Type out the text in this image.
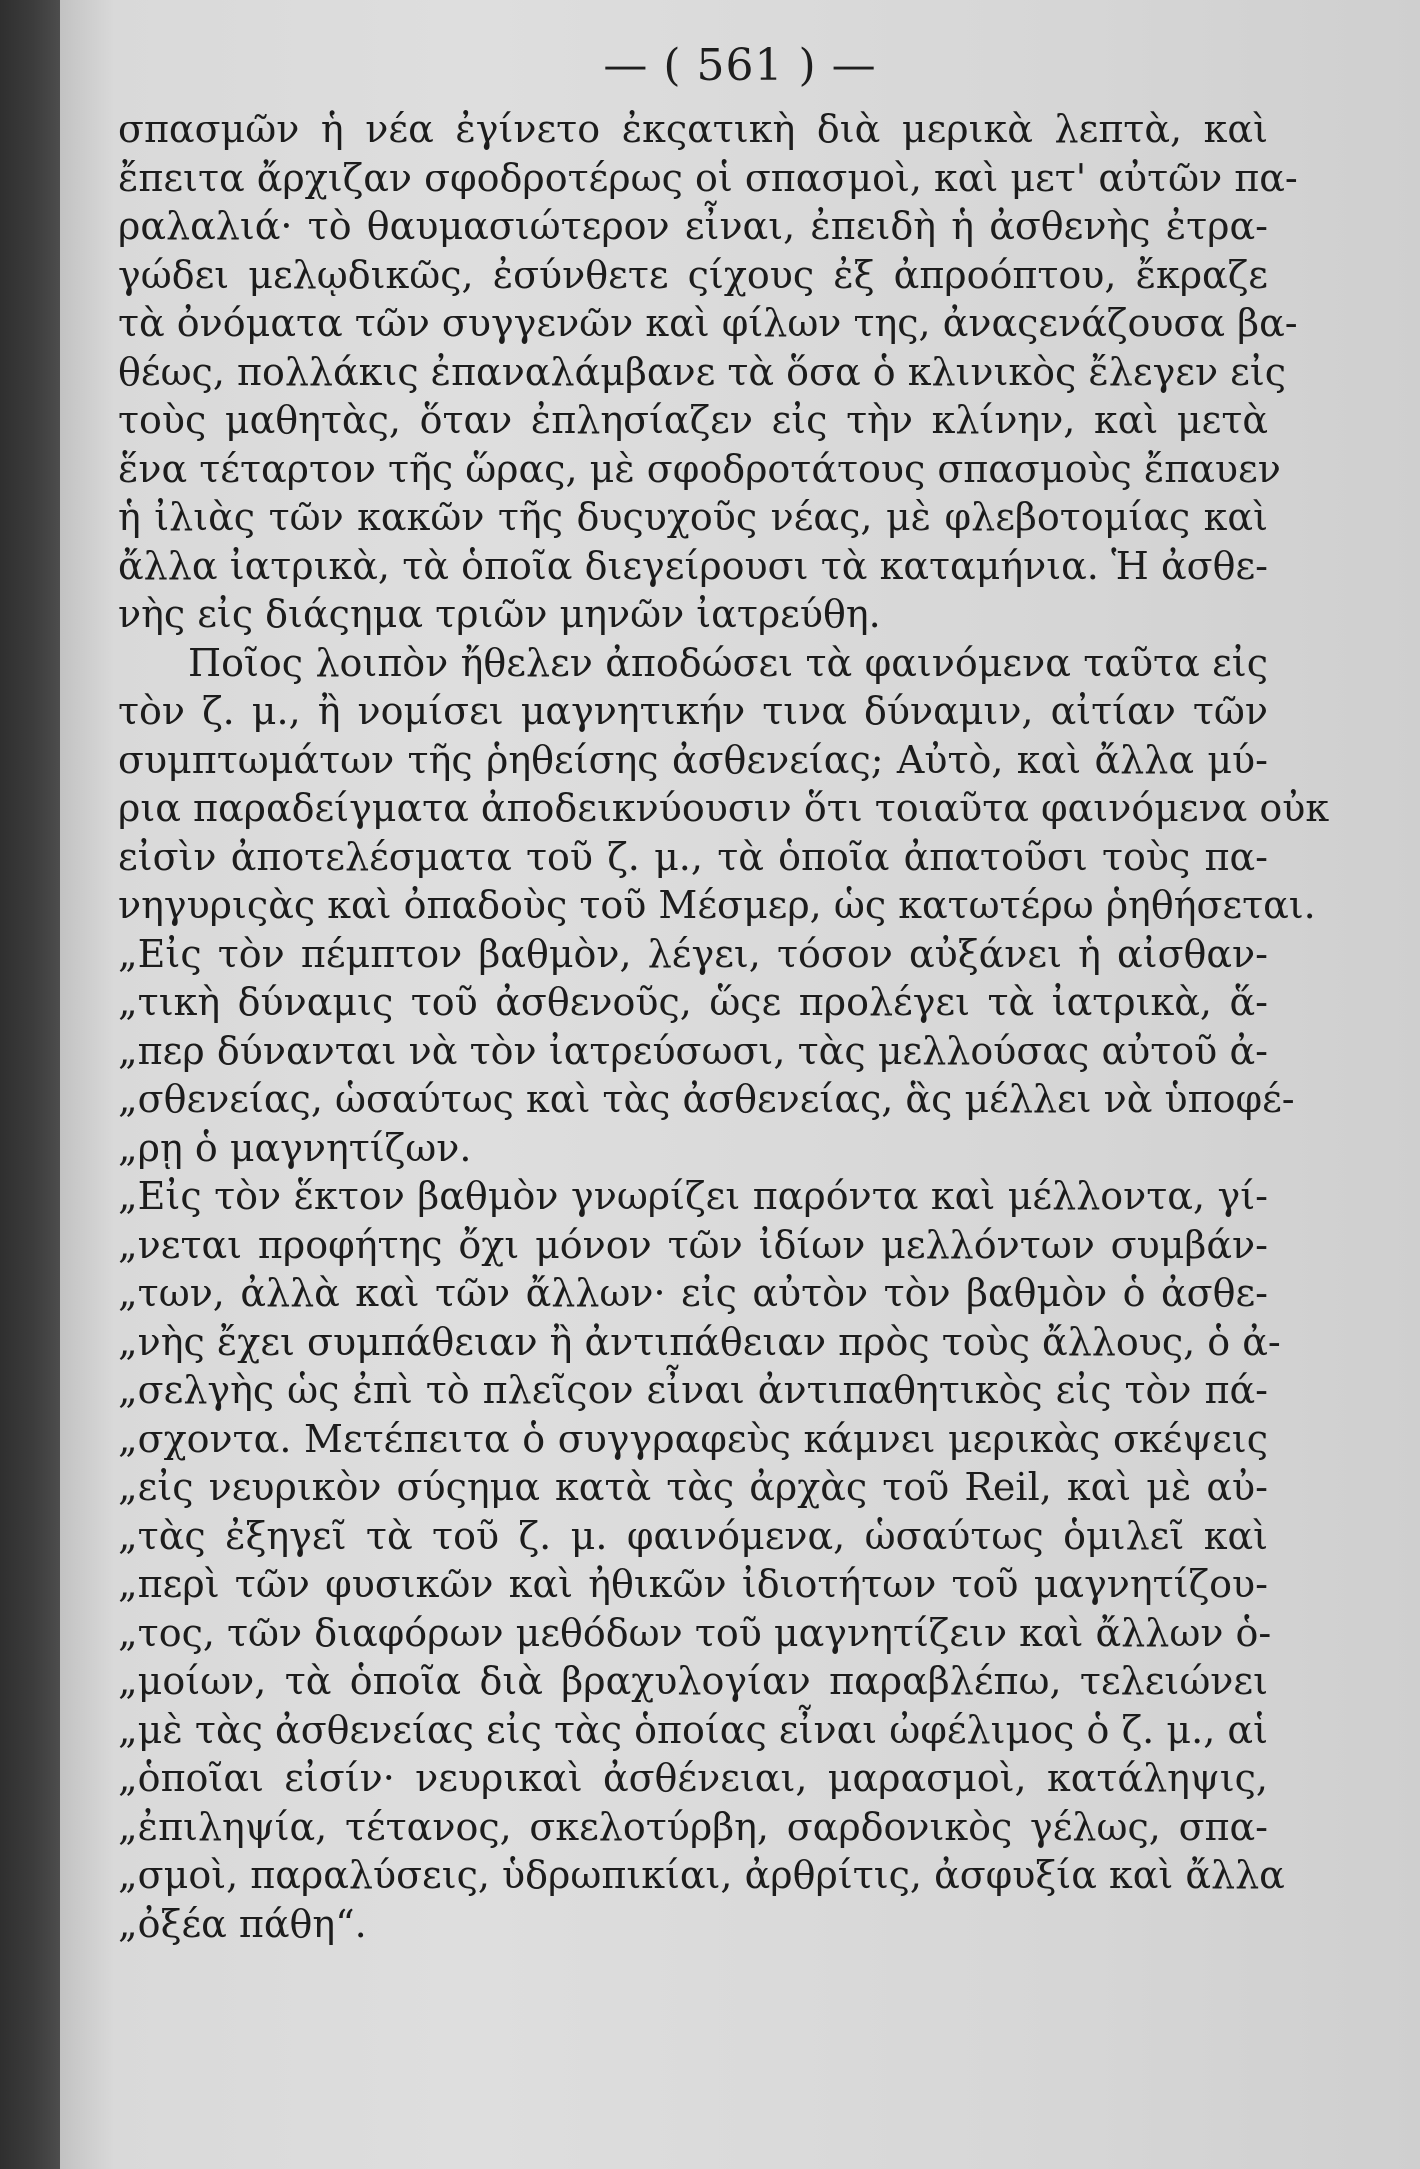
— ( 561 ) —
σπασμῶν ἡ νέα ἐγίνετο ἐκςατικὴ διὰ μερικὰ λεπτὰ, καὶ
ἔπειτα ἄρχιζαν σφοδροτέρως οἱ σπασμοὶ, καὶ μετ' αὐτῶν πα-
ραλαλιά· τὸ θαυμασιώτερον εἶναι, ἐπειδὴ ἡ ἀσθενὴς ἐτρα-
γώδει μελῳδικῶς, ἐσύνθετε ςίχους ἐξ ἀπροόπτου, ἔκραζε
τὰ ὀνόματα τῶν συγγενῶν καὶ φίλων της, ἀναςενάζουσα βα-
θέως, πολλάκις ἐπαναλάμβανε τὰ ὅσα ὁ κλινικὸς ἔλεγεν εἰς
τοὺς μαθητὰς, ὅταν ἐπλησίαζεν εἰς τὴν κλίνην, καὶ μετὰ
ἕνα τέταρτον τῆς ὥρας, μὲ σφοδροτάτους σπασμοὺς ἔπαυεν
ἡ ἰλιὰς τῶν κακῶν τῆς δυςυχοῦς νέας, μὲ φλεβοτομίας καὶ
ἄλλα ἰατρικὰ, τὰ ὁποῖα διεγείρουσι τὰ καταμήνια. Ἡ ἀσθε-
νὴς εἰς διάςημα τριῶν μηνῶν ἰατρεύθη.
Ποῖος λοιπὸν ἤθελεν ἀποδώσει τὰ φαινόμενα ταῦτα εἰς
τὸν ζ. μ., ἢ νομίσει μαγνητικήν τινα δύναμιν, αἰτίαν τῶν
συμπτωμάτων τῆς ῥηθείσης ἀσθενείας; Αὐτὸ, καὶ ἄλλα μύ-
ρια παραδείγματα ἀποδεικνύουσιν ὅτι τοιαῦτα φαινόμενα οὐκ
εἰσὶν ἀποτελέσματα τοῦ ζ. μ., τὰ ὁποῖα ἀπατοῦσι τοὺς πα-
νηγυριςὰς καὶ ὀπαδοὺς τοῦ Μέσμερ, ὡς κατωτέρω ῥηθήσεται.
„Εἰς τὸν πέμπτον βαθμὸν, λέγει, τόσον αὐξάνει ἡ αἰσθαν-
„τικὴ δύναμις τοῦ ἀσθενοῦς, ὥςε προλέγει τὰ ἰατρικὰ, ἅ-
„περ δύνανται νὰ τὸν ἰατρεύσωσι, τὰς μελλούσας αὐτοῦ ἀ-
„σθενείας, ὡσαύτως καὶ τὰς ἀσθενείας, ἃς μέλλει νὰ ὑποφέ-
„ρῃ ὁ μαγνητίζων.
„Εἰς τὸν ἕκτον βαθμὸν γνωρίζει παρόντα καὶ μέλλοντα, γί-
„νεται προφήτης ὄχι μόνον τῶν ἰδίων μελλόντων συμβάν-
„των, ἀλλὰ καὶ τῶν ἄλλων· εἰς αὐτὸν τὸν βαθμὸν ὁ ἀσθε-
„νὴς ἔχει συμπάθειαν ἢ ἀντιπάθειαν πρὸς τοὺς ἄλλους, ὁ ἀ-
„σελγὴς ὡς ἐπὶ τὸ πλεῖςον εἶναι ἀντιπαθητικὸς εἰς τὸν πά-
„σχοντα. Μετέπειτα ὁ συγγραφεὺς κάμνει μερικὰς σκέψεις
„εἰς νευρικὸν σύςημα κατὰ τὰς ἀρχὰς τοῦ Reil, καὶ μὲ αὐ-
„τὰς ἐξηγεῖ τὰ τοῦ ζ. μ. φαινόμενα, ὡσαύτως ὁμιλεῖ καὶ
„περὶ τῶν φυσικῶν καὶ ἠθικῶν ἰδιοτήτων τοῦ μαγνητίζου-
„τος, τῶν διαφόρων μεθόδων τοῦ μαγνητίζειν καὶ ἄλλων ὁ-
„μοίων, τὰ ὁποῖα διὰ βραχυλογίαν παραβλέπω, τελειώνει
„μὲ τὰς ἀσθενείας εἰς τὰς ὁποίας εἶναι ὠφέλιμος ὁ ζ. μ., αἱ
„ὁποῖαι εἰσίν· νευρικαὶ ἀσθένειαι, μαρασμοὶ, κατάληψις,
„ἐπιληψία, τέτανος, σκελοτύρβη, σαρδονικὸς γέλως, σπα-
„σμοὶ, παραλύσεις, ὑδρωπικίαι, ἀρθρίτις, ἀσφυξία καὶ ἄλλα
„ὀξέα πάθη“.
